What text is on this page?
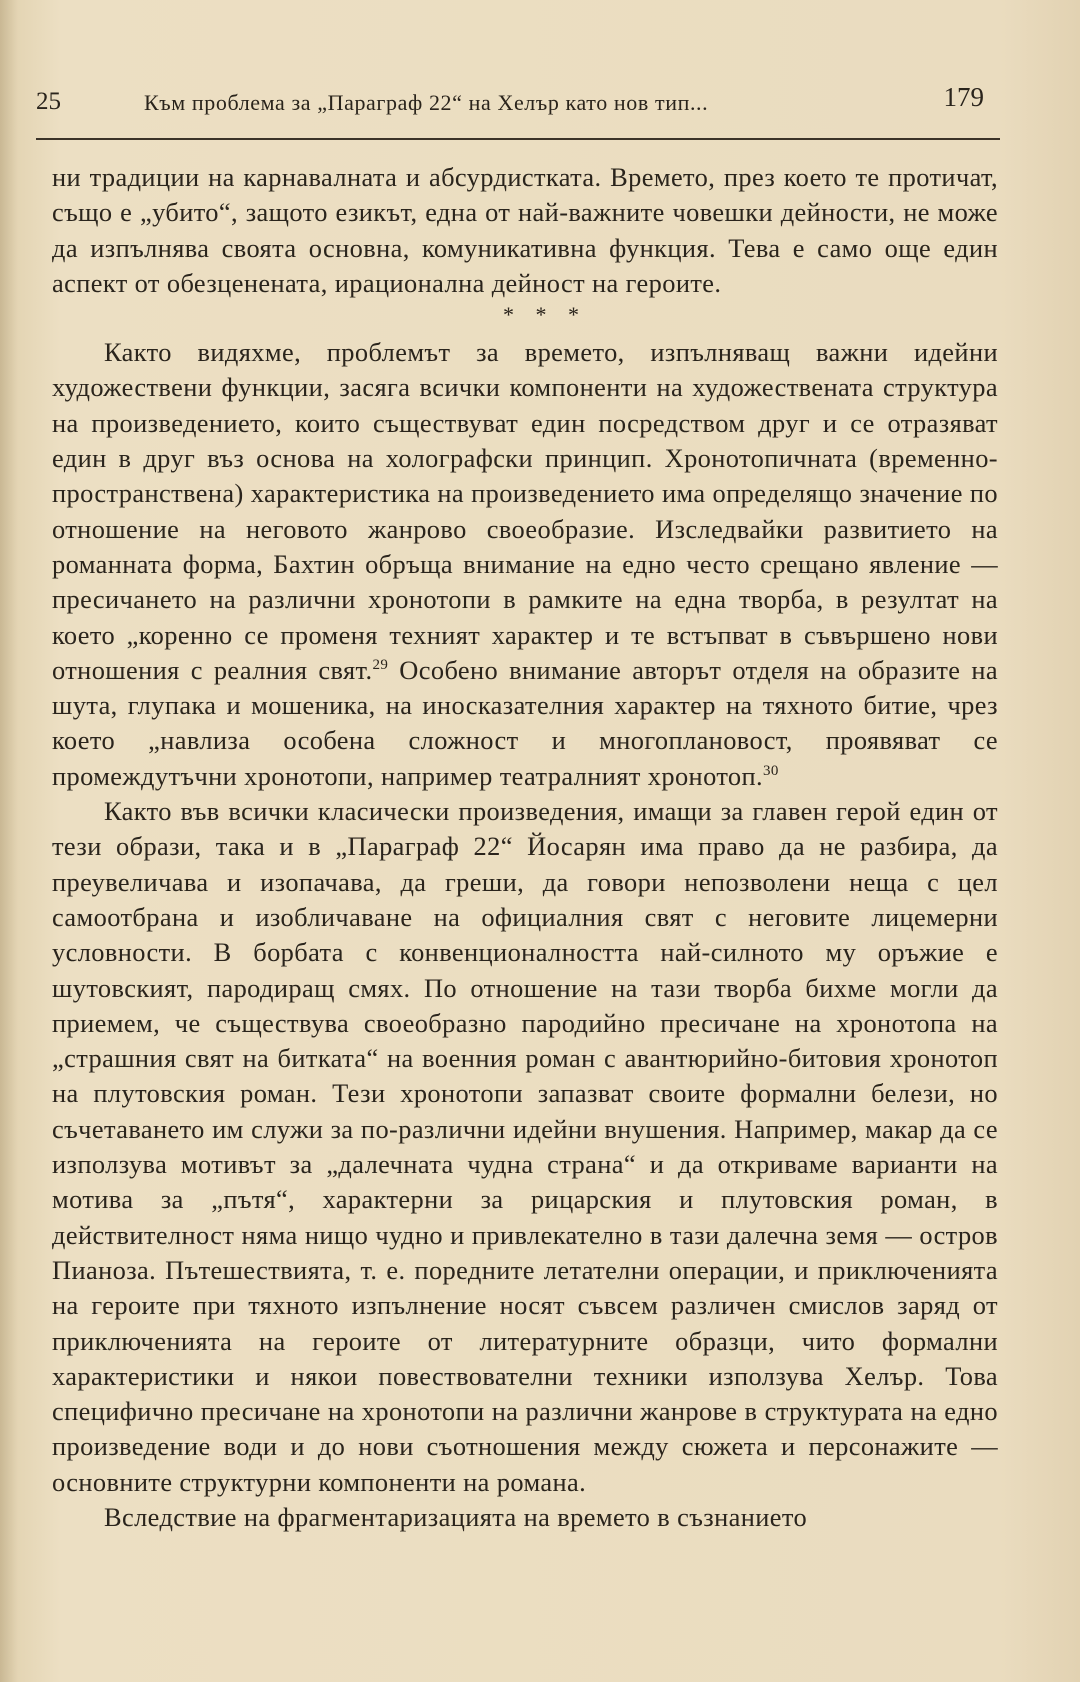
25	Към проблема за „Параграф 22“ на Хелър като нов тип...	179

ни традиции на карнавалната и абсурдистката. Времето, през което те протичат, също е „убито“, защото езикът, една от най-важните човешки дейности, не може да изпълнява своята основна, комуникативна функция. Тева е само още един аспект от обезценената, ирационална дейност на героите.

* * *

Както видяхме, проблемът за времето, изпълняващ важни идейни художествени функции, засяга всички компоненти на художествената структура на произведението, които съществуват един посредством друг и се отразяват един в друг въз основа на холографски принцип. Хронотопичната (временно-пространствена) характеристика на произведението има определящо значение по отношение на неговото жанрово своеобразие. Изследвайки развитието на романната форма, Бахтин обръща внимание на едно често срещано явление — пресичането на различни хронотопи в рамките на една творба, в резултат на което „коренно се променя техният характер и те встъпват в съвършено нови отношения с реалния свят.$^{29}$ Особено внимание авторът отделя на образите на шута, глупака и мошеника, на иносказателния характер на тяхното битие, чрез което „навлиза особена сложност и многоплановост, проявяват се промеждутъчни хронотопи, например театралният хронотоп.$^{30}$

Както във всички класически произведения, имащи за главен герой един от тези образи, така и в „Параграф 22“ Йосарян има право да не разбира, да преувеличава и изопачава, да греши, да говори непозволени неща с цел самоотбрана и изобличаване на официалния свят с неговите лицемерни условности. В борбата с конвенционалността най-силното му оръжие е шутовският, пародиращ смях. По отношение на тази творба бихме могли да приемем, че съществува своеобразно пародийно пресичане на хронотопа на „страшния свят на битката“ на военния роман с авантюрийно-битовия хронотоп на плутовския роман. Тези хронотопи запазват своите формални белези, но съчетаването им служи за по-различни идейни внушения. Например, макар да се използува мотивът за „далечната чудна страна“ и да откриваме варианти на мотива за „пътя“, характерни за рицарския и плутовския роман, в действителност няма нищо чудно и привлекателно в тази далечна земя — остров Пианоза. Пътешествията, т. е. поредните летателни операции, и приключенията на героите при тяхното изпълнение носят съвсем различен смислов заряд от приключенията на героите от литературните образци, чито формални характеристики и някои повествователни техники използува Хелър. Това специфично пресичане на хронотопи на различни жанрове в структурата на едно произведение води и до нови съотношения между сюжета и персонажите — основните структурни компоненти на романа.

Вследствие на фрагментаризацията на времето в съзнанието
